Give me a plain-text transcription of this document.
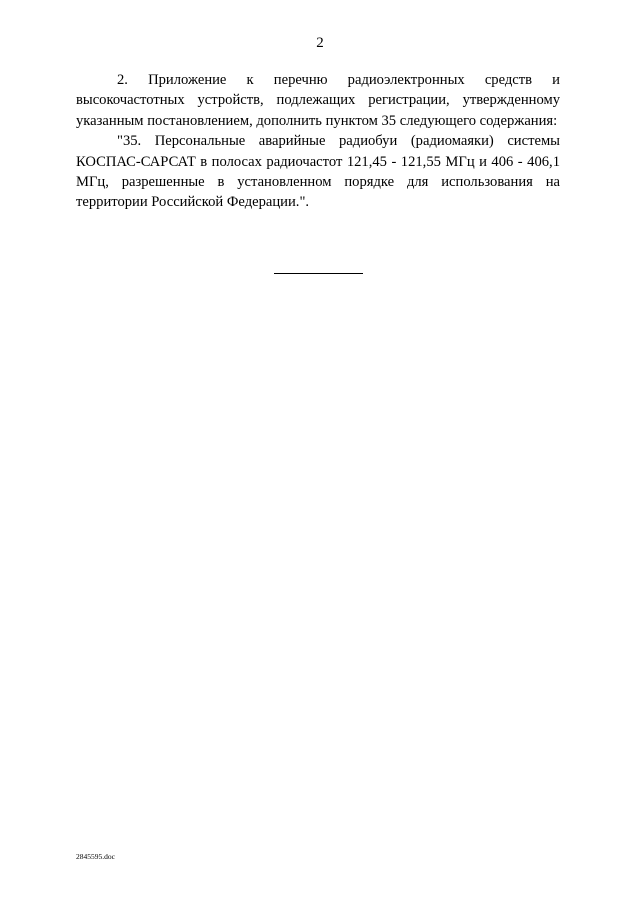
2

2. Приложение к перечню радиоэлектронных средств и высокочастотных устройств, подлежащих регистрации, утвержденному указанным постановлением, дополнить пунктом 35 следующего содержания:

"35. Персональные аварийные радиобуи (радиомаяки) системы КОСПАС-САРСАТ в полосах радиочастот 121,45 - 121,55 МГц и 406 - 406,1 МГц, разрешенные в установленном порядке для использования на территории Российской Федерации.".

2845595.doc
